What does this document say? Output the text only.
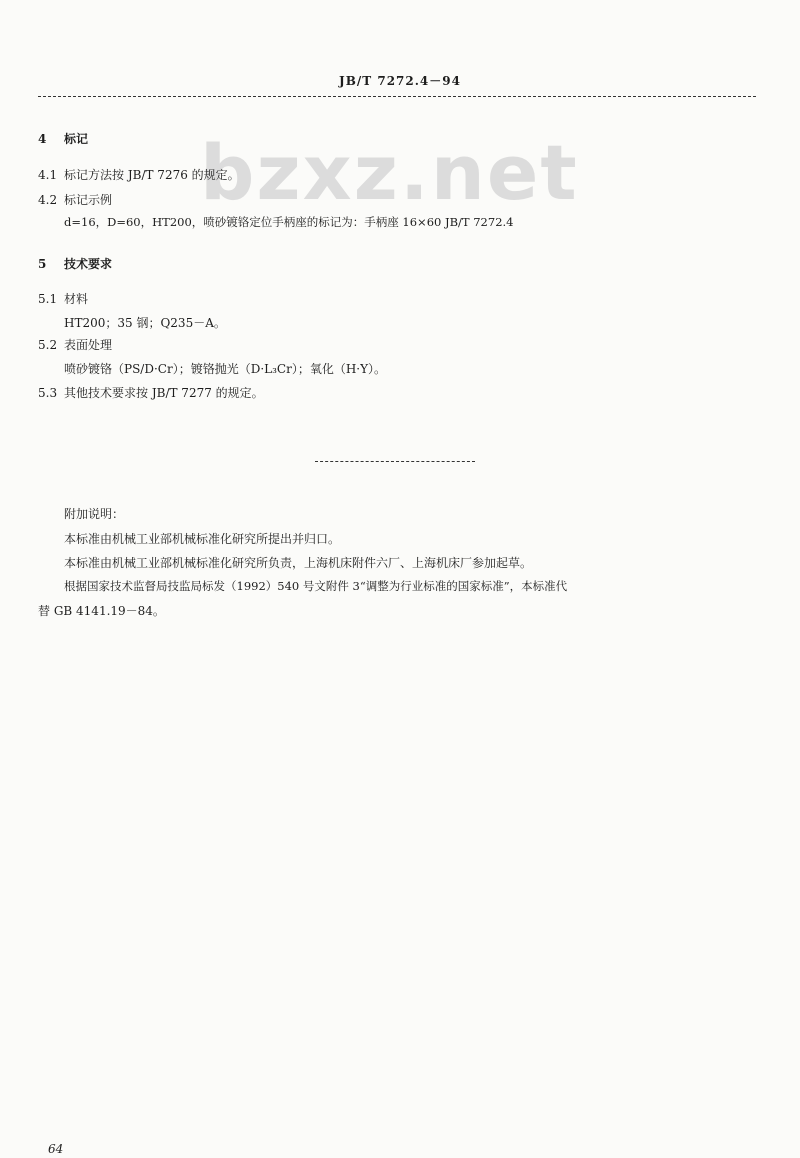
JB/T 7272.4－94
bzxz.net
4 标记
4.1 标记方法按 JB/T 7276 的规定。
4.2 标记示例
d=16，D=60，HT200，喷砂镀铬定位手柄座的标记为：手柄座 16×60 JB/T 7272.4
5 技术要求
5.1 材料
HT200；35 钢；Q235－A。
5.2 表面处理
喷砂镀铬（PS/D·Cr）；镀铬抛光（D·L₃Cr）；氧化（H·Y）。
5.3 其他技术要求按 JB/T 7277 的规定。
附加说明：
本标准由机械工业部机械标准化研究所提出并归口。
本标准由机械工业部机械标准化研究所负责，上海机床附件六厂、上海机床厂参加起草。
根据国家技术监督局技监局标发（1992）540 号文附件 3“调整为行业标准的国家标准”，本标准代
替 GB 4141.19－84。
64
